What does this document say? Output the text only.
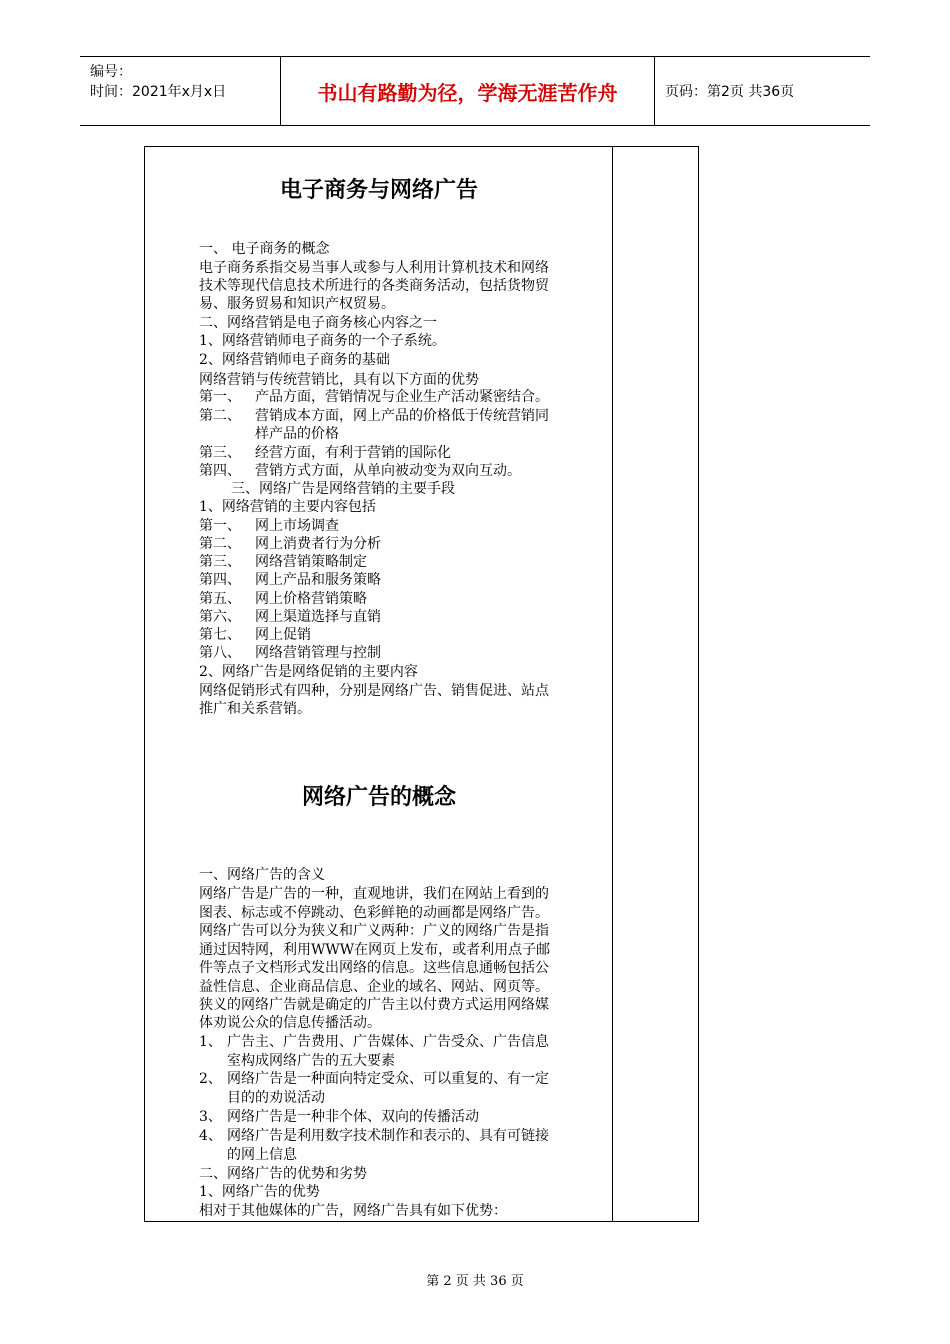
编号：
时间：2021年x月x日	书山有路勤为径，学海无涯苦作舟	页码：第2页 共36页
电子商务与网络广告
一、 电子商务的概念
电子商务系指交易当事人或参与人利用计算机技术和网络
技术等现代信息技术所进行的各类商务活动，包括货物贸
易、服务贸易和知识产权贸易。
二、网络营销是电子商务核心内容之一
1、网络营销师电子商务的一个子系统。
2、网络营销师电子商务的基础
网络营销与传统营销比，具有以下方面的优势
第一、 产品方面，营销情况与企业生产活动紧密结合。
第二、 营销成本方面，网上产品的价格低于传统营销同
样产品的价格
第三、 经营方面，有利于营销的国际化
第四、 营销方式方面，从单向被动变为双向互动。
三、网络广告是网络营销的主要手段
1、网络营销的主要内容包括
第一、 网上市场调查
第二、 网上消费者行为分析
第三、 网络营销策略制定
第四、 网上产品和服务策略
第五、 网上价格营销策略
第六、 网上渠道选择与直销
第七、 网上促销
第八、 网络营销管理与控制
2、网络广告是网络促销的主要内容
网络促销形式有四种，分别是网络广告、销售促进、站点
推广和关系营销。
网络广告的概念
一、网络广告的含义
网络广告是广告的一种，直观地讲，我们在网站上看到的
图表、标志或不停跳动、色彩鲜艳的动画都是网络广告。
网络广告可以分为狭义和广义两种：广义的网络广告是指
通过因特网，利用WWW在网页上发布，或者利用点子邮
件等点子文档形式发出网络的信息。这些信息通畅包括公
益性信息、企业商品信息、企业的域名、网站、网页等。
狭义的网络广告就是确定的广告主以付费方式运用网络媒
体劝说公众的信息传播活动。
1、 广告主、广告费用、广告媒体、广告受众、广告信息
室构成网络广告的五大要素
2、 网络广告是一种面向特定受众、可以重复的、有一定
目的的劝说活动
3、 网络广告是一种非个体、双向的传播活动
4、 网络广告是利用数字技术制作和表示的、具有可链接
的网上信息
二、网络广告的优势和劣势
1、网络广告的优势
相对于其他媒体的广告，网络广告具有如下优势：
第 2 页 共 36 页
